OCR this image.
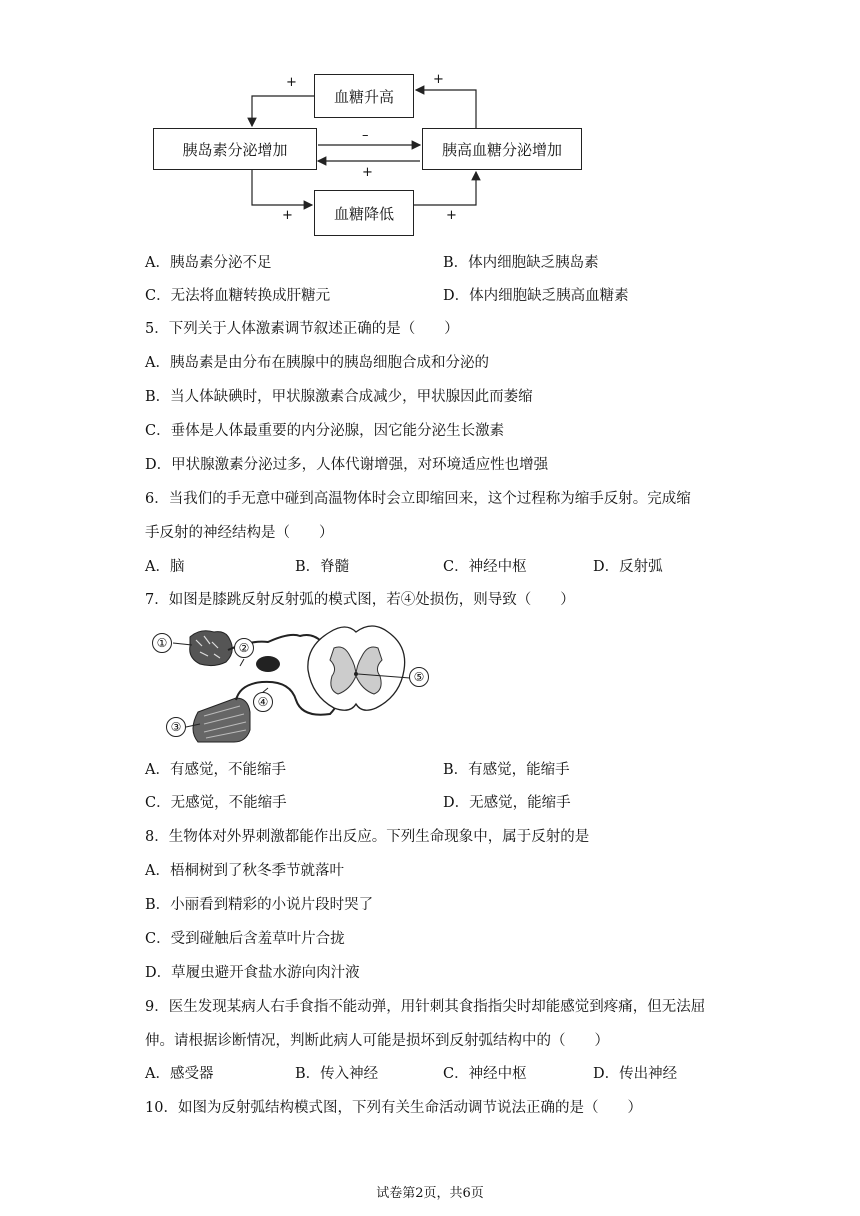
血糖升高
胰岛素分泌增加	胰高血糖分泌增加
血糖降低
+	+
–
+
+	+
A．胰岛素分泌不足	B．体内细胞缺乏胰岛素
C．无法将血糖转换成肝糖元	D．体内细胞缺乏胰高血糖素
5．下列关于人体激素调节叙述正确的是（　　）
A．胰岛素是由分布在胰腺中的胰岛细胞合成和分泌的
B．当人体缺碘时，甲状腺激素合成减少，甲状腺因此而萎缩
C．垂体是人体最重要的内分泌腺，因它能分泌生长激素
D．甲状腺激素分泌过多，人体代谢增强，对环境适应性也增强
6．当我们的手无意中碰到高温物体时会立即缩回来，这个过程称为缩手反射。完成缩
手反射的神经结构是（　　）
A．脑	B．脊髓	C．神经中枢	D．反射弧
7．如图是膝跳反射反射弧的模式图，若④处损伤，则导致（　　）
①	②
③
④
⑤
A．有感觉，不能缩手	B．有感觉，能缩手
C．无感觉，不能缩手	D．无感觉，能缩手
8．生物体对外界刺激都能作出反应。下列生命现象中，属于反射的是
A．梧桐树到了秋冬季节就落叶
B．小丽看到精彩的小说片段时哭了
C．受到碰触后含羞草叶片合拢
D．草履虫避开食盐水游向肉汁液
9．医生发现某病人右手食指不能动弹，用针刺其食指指尖时却能感觉到疼痛，但无法屈
伸。请根据诊断情况，判断此病人可能是损坏到反射弧结构中的（　　）
A．感受器	B．传入神经	C．神经中枢	D．传出神经
10．如图为反射弧结构模式图，下列有关生命活动调节说法正确的是（　　）
试卷第2页，共6页
